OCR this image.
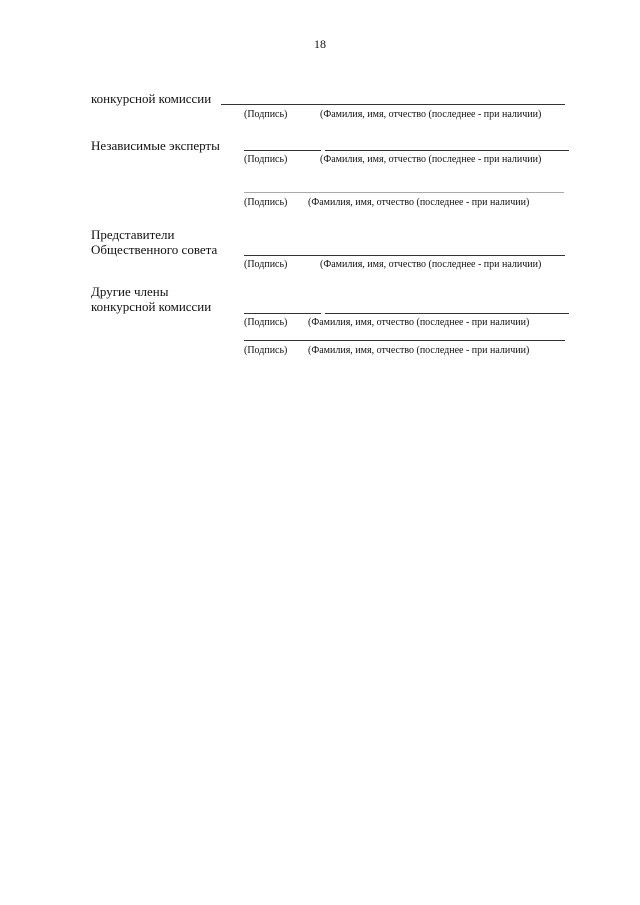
18
конкурсной комиссии
(Подпись)	(Фамилия, имя, отчество (последнее - при наличии)
Независимые эксперты
(Подпись)	(Фамилия, имя, отчество (последнее - при наличии)
(Подпись) (Фамилия, имя, отчество (последнее - при наличии)
Представители
Общественного совета
(Подпись)	(Фамилия, имя, отчество (последнее - при наличии)
Другие члены
конкурсной комиссии
(Подпись) (Фамилия, имя, отчество (последнее - при наличии)
(Подпись) (Фамилия, имя, отчество (последнее - при наличии)
